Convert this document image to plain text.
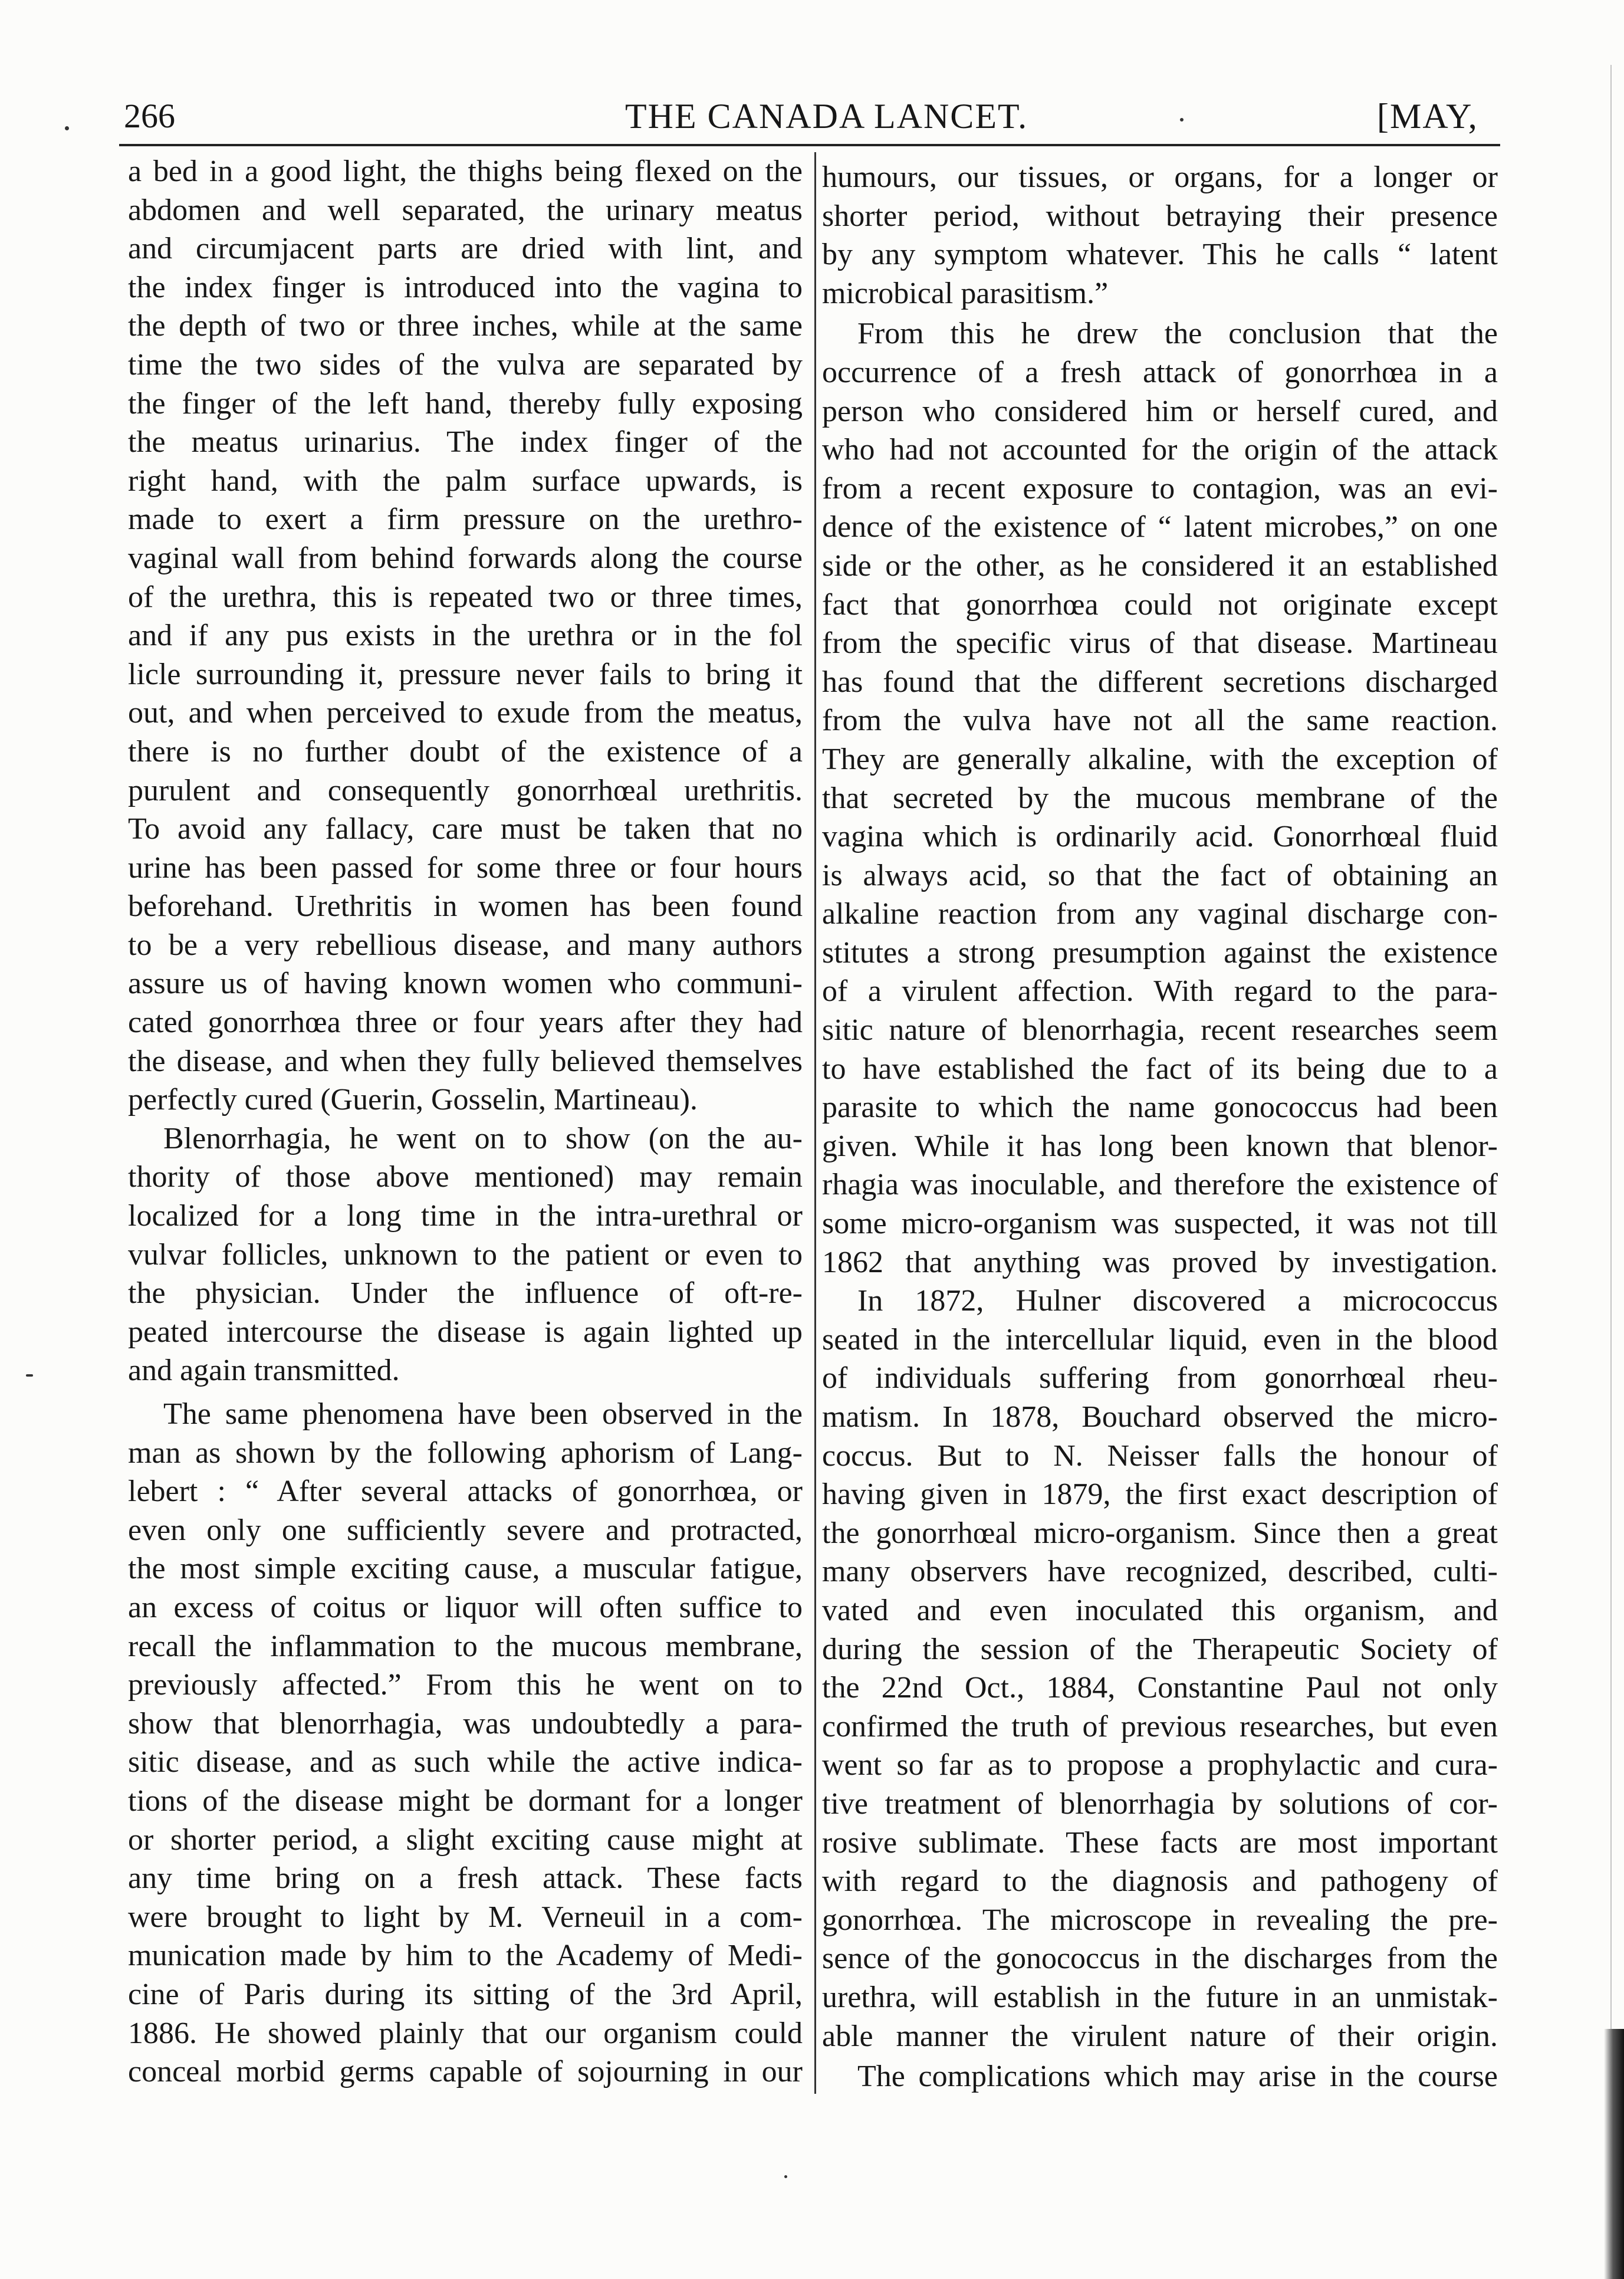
266	THE CANADA LANCET.	[MAY,
a bed in a good light, the thighs being flexed on the
abdomen and well separated, the urinary meatus
and circumjacent parts are dried with lint, and
the index finger is introduced into the vagina to
the depth of two or three inches, while at the same
time the two sides of the vulva are separated by
the finger of the left hand, thereby fully exposing
the meatus urinarius. The index finger of the
right hand, with the palm surface upwards, is
made to exert a firm pressure on the urethro-
vaginal wall from behind forwards along the course
of the urethra, this is repeated two or three times,
and if any pus exists in the urethra or in the fol
licle surrounding it, pressure never fails to bring it
out, and when perceived to exude from the meatus,
there is no further doubt of the existence of a
purulent and consequently gonorrhœal urethritis.
To avoid any fallacy, care must be taken that no
urine has been passed for some three or four hours
beforehand. Urethritis in women has been found
to be a very rebellious disease, and many authors
assure us of having known women who communi-
cated gonorrhœa three or four years after they had
the disease, and when they fully believed themselves
perfectly cured (Guerin, Gosselin, Martineau).
Blenorrhagia, he went on to show (on the au-
thority of those above mentioned) may remain
localized for a long time in the intra-urethral or
vulvar follicles, unknown to the patient or even to
the physician. Under the influence of oft-re-
peated intercourse the disease is again lighted up
and again transmitted.
The same phenomena have been observed in the
man as shown by the following aphorism of Lang-
lebert : “ After several attacks of gonorrhœa, or
even only one sufficiently severe and protracted,
the most simple exciting cause, a muscular fatigue,
an excess of coitus or liquor will often suffice to
recall the inflammation to the mucous membrane,
previously affected.” From this he went on to
show that blenorrhagia, was undoubtedly a para-
sitic disease, and as such while the active indica-
tions of the disease might be dormant for a longer
or shorter period, a slight exciting cause might at
any time bring on a fresh attack. These facts
were brought to light by M. Verneuil in a com-
munication made by him to the Academy of Medi-
cine of Paris during its sitting of the 3rd April,
1886. He showed plainly that our organism could
conceal morbid germs capable of sojourning in our
humours, our tissues, or organs, for a longer or
shorter period, without betraying their presence
by any symptom whatever. This he calls “ latent
microbical parasitism.”
From this he drew the conclusion that the
occurrence of a fresh attack of gonorrhœa in a
person who considered him or herself cured, and
who had not accounted for the origin of the attack
from a recent exposure to contagion, was an evi-
dence of the existence of “ latent microbes,” on one
side or the other, as he considered it an established
fact that gonorrhœa could not originate except
from the specific virus of that disease. Martineau
has found that the different secretions discharged
from the vulva have not all the same reaction.
They are generally alkaline, with the exception of
that secreted by the mucous membrane of the
vagina which is ordinarily acid. Gonorrhœal fluid
is always acid, so that the fact of obtaining an
alkaline reaction from any vaginal discharge con-
stitutes a strong presumption against the existence
of a virulent affection. With regard to the para-
sitic nature of blenorrhagia, recent researches seem
to have established the fact of its being due to a
parasite to which the name gonococcus had been
given. While it has long been known that blenor-
rhagia was inoculable, and therefore the existence of
some micro-organism was suspected, it was not till
1862 that anything was proved by investigation.
In 1872, Hulner discovered a micrococcus
seated in the intercellular liquid, even in the blood
of individuals suffering from gonorrhœal rheu-
matism. In 1878, Bouchard observed the micro-
coccus. But to N. Neisser falls the honour of
having given in 1879, the first exact description of
the gonorrhœal micro-organism. Since then a great
many observers have recognized, described, culti-
vated and even inoculated this organism, and
during the session of the Therapeutic Society of
the 22nd Oct., 1884, Constantine Paul not only
confirmed the truth of previous researches, but even
went so far as to propose a prophylactic and cura-
tive treatment of blenorrhagia by solutions of cor-
rosive sublimate. These facts are most important
with regard to the diagnosis and pathogeny of
gonorrhœa. The microscope in revealing the pre-
sence of the gonococcus in the discharges from the
urethra, will establish in the future in an unmistak-
able manner the virulent nature of their origin.
The complications which may arise in the course
